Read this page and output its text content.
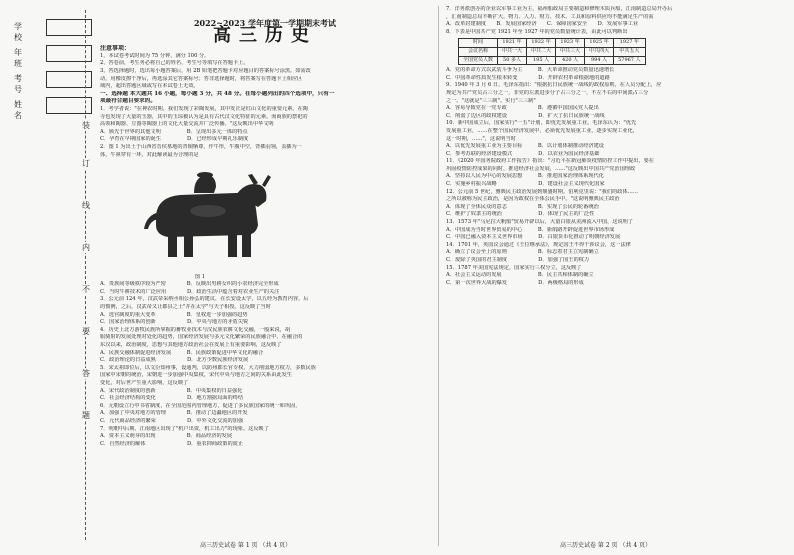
学 校
年 班
考 号
姓 名
装
订
线
内
不
要
答
题
2022~2023 学年度第一学期期末考试
高三历史

注意事项：

1、本试卷考试时间为 75 分钟，满分 100 分。

2、答卷前，考生务必将自己的姓名、考生号等填写在答题卡上。

3、答选择题时，选出每小题答案后，用 2B 铅笔把答题卡对应题目的答案标号涂黑。如需改

动，用橡皮擦干净后，再选涂其它答案标号；答非选择题时，将答案写在答题卡上相应区

域内，超出答题区域或写在本试卷上无效。

一、选择题 本大题共 16 小题，每小题 3 分，共 48 分。在每小题列出的四个选项中，只有一

项最符合题目要求的。

1．考学者说："在神农时期，我们发现了彩陶发展，其中发正是红山文化的重要元素。在陶

寺也发现了大量的玉器，其中的玉琮被认为是具有古代汉文化特征的元素。而商族的祭祀的

高领和陶器、豆器等陶器上的文化大量交流并广泛传播。"这反映出中华文明

A．颁先于世界的其他文明　　　　　B．呈现出多元一体的特点

C．孕育在早期国家的诞生　　　　　D．已经形成早期礼乐制度

2．图 1 为出土于山西省晋侯墓地的青铜牺尊，作牛形，牛腹中空，背插羽翎，盖插为一

体，牛鼻穿有一环，对此解读最为合理的是

图 1

A．贵族间等级秩序较为严密　　　　B．反映出男耕女织的小农经济完全形成

C．当时牛耕技术的广泛应用　　　　D．政治生活中蕴含着对农业生产的关注

3．公元前 124 年，汉武帝采纳丞相公孙弘的建议，在长安设太学，以五经为教育内容，后

的惯例，之后，汉武帝又让郡县之士"并在太学"与天子相授。这反映了当时

A．选官制度的重大变革　　　　　　B．皇权进一步加强的趋势

C．国家治理体系的创新　　　　　　D．中央与地方的矛盾尖锐

4．历史上北方游牧民族所掌握的畜牧业技术与汉民族农耕文化交融，一般来说，胡

服骑射的发展处理对处化的趋势，国家经济发展与多元文化繁荣的民族融合中，在融合的

东汉以来，政治制度，思想与其他地方政治社会在发展上有重要影响，这反映了

A．民族交融体制促进经济发展　　　B．民族政策促进中华文化的融合

C．政治理论的日益成熟　　　　　　D．北方少数民族经济发展

5．宋太祖即位后，以文臣知州事，设通判，以防州郡长官专权，大力削弱地方权力，多数民族

国家中宋朝的统治，宋朝进一步加强中央集权，宋代中央与地方之间的关系由此发生

变化，对后世产生重大影响，这反映了

A．宋代政治制度的创新　　　　　　B．中央集权的日益强化

C．社会经济结构的变化　　　　　　D．地方割据局面的终结

6．元朝设立行中书省制度，在全国范围内管理地方，促进了多民族国家的统一和巩固，

A．加强了中央对地方的管理　　　　B．推动了边疆地区的开发

C．元代商品经济的繁荣　　　　　　D．中外文化交流的加强

7．明朝中后期，江南地区出现了"机户出资，机工出力"的现象。这反映了

A．资本主义萌芽的出现　　　　　　B．商品经济的发展

C．自然经济的解体　　　　　　　　D．重农抑商政策的废止

7．洋务派创办的企业以军事工业为主，福州船政局主要制造和修理木质兵船，江南制造总局开办后

，汇南制造总局不断扩大，物力、人力、财力、技术、工具和原料供应均不能满足生产的需

A．改革封建制度　　B．发展国家经济　　C．保障国家安全　　D．发展军事工业

8．下表是中国共产党 1921 年至 1927 年的党员数量统计表，由此可以判断出

时间	1921 年	1922 年	1923 年	1925 年	1927 年
会议名称	中共一大	中共二大	中共三大	中共四大	中共五大
全国党员人数	50 多人	195 人	420 人	994 人	57967 人

A．党的革命方式以武装斗争为主　　　B．大革命推动党员数量迅速增长

C．中国革命性质发生根本转变　　　　D．开辟农村革命根据地的道路

9．1940 年 3 月 6 日，毛泽东指出："根据抗日民族统一战线的政权原则，在人员分配上，应

规定为共产党员占三分之一，非党的左派进步分子占三分之一，不左不右的中间派占三分

之一。"这就是"三三制"。实行"三三制"

A．容易导致党在一党专政　　　　　　B．遵循中国国民党人提出

C．削弱了边区的政权建设　　　　　　D．扩大了抗日民族统一战线

10．新中国成立后，国家实行"一五"计划，即优先发展重工业。毛泽东认为："优先

发展重工业，……在整个国民经济发展中，必须优先发展重工业，逐步实现工业化，

这一时期，……"，这说明当时

A．以优先发展重工业为主要目标　　　B．以计划体制推动经济建设

C．参考苏联的经济建设模式　　　　　D．以农业为国民经济基础

11．《2020 年国务院政府工作报告》指出："习近平在新冠肺炎疫情防控工作中提出，要在

巩固疫情防控成果的同时，推进经济社会发展，……"这反映出中国共产党治国理政

A．坚持以人民为中心的发展思想　　　B．推进国家治理体系现代化

C．实施乡村振兴战略　　　　　　　　D．建设社会主义现代化国家

12．公元前 5 世纪，雅典民主政治发展到鼎盛时期。伯利克里说："我们的政体……

之所以被称为民主政治，是因为政权在全体公民手中。"这说明雅典民主政治

A．体现了全体民众的意志　　　　　　B．实现了公民的轮番统治

C．维护了奴隶主的统治　　　　　　　D．体现了民主的广泛性

13．1573 年"马尼拉大帆船"贸易开辟以后，大量白银从美洲流入中国，这说明了

A．中国成为当时世界贸易的中心　　　B．新航路开辟促进世界市场形成

C．中国已融入资本主义世界市场　　　D．白银货币化推动了明朝经济发展

14．1701 年，英国议会通过《王位继承法》，规定国王不得干涉议会，这一法律

A．确立了议会至上的原则　　　　　　B．标志着君主立宪制确立

C．废除了英国的君主制度　　　　　　D．加强了国王的权力

15．1787 年美国宪法规定，国家实行三权分立，这反映了

A．社会主义运动的发展　　　　　　　B．民主共和体制的确立

C．第一次世界大战的爆发　　　　　　D．两极格局的形成

高三历史试卷 第 1 页 （共 4 页）	高三历史试卷 第 2 页 （共 4 页）
